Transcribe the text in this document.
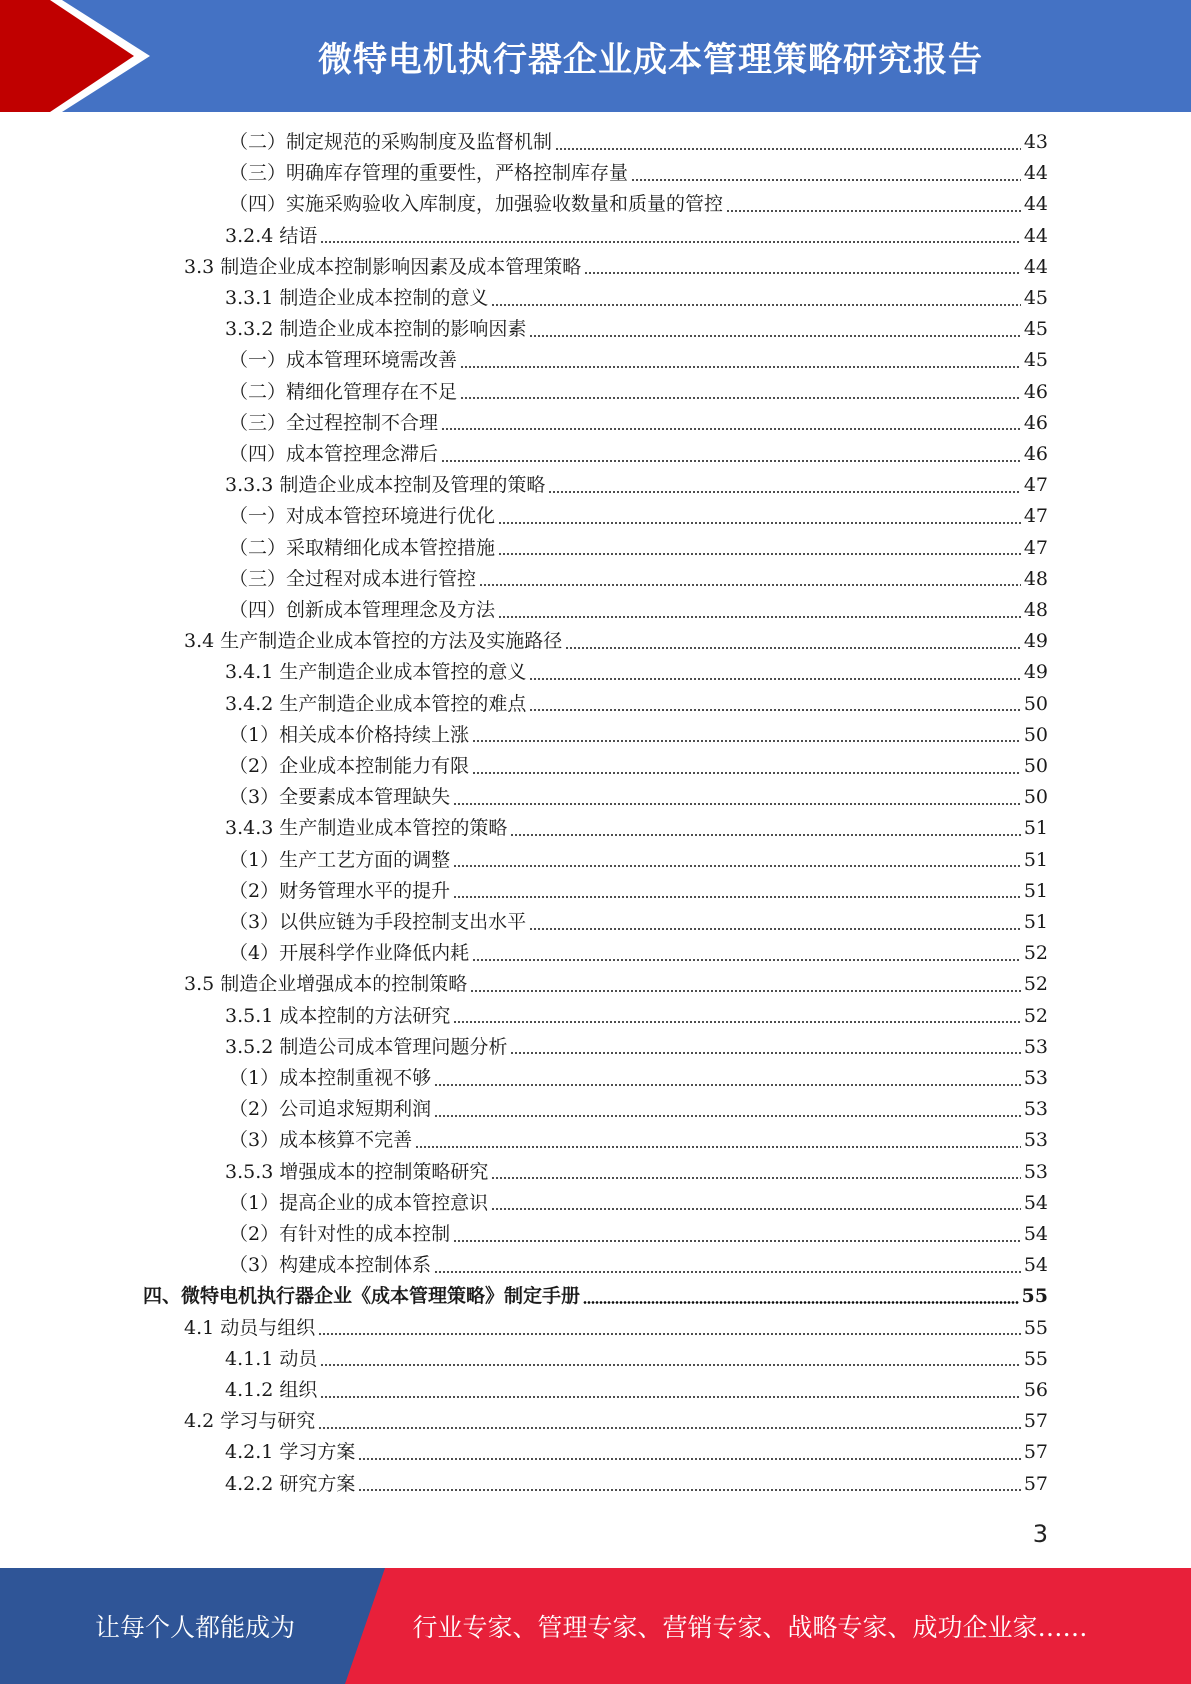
微特电机执行器企业成本管理策略研究报告
（二）制定规范的采购制度及监督机制	43
（三）明确库存管理的重要性，严格控制库存量	44
（四）实施采购验收入库制度，加强验收数量和质量的管控	44
3.2.4 结语	44
3.3 制造企业成本控制影响因素及成本管理策略	44
3.3.1 制造企业成本控制的意义	45
3.3.2 制造企业成本控制的影响因素	45
（一）成本管理环境需改善	45
（二）精细化管理存在不足	46
（三）全过程控制不合理	46
（四）成本管控理念滞后	46
3.3.3 制造企业成本控制及管理的策略	47
（一）对成本管控环境进行优化	47
（二）采取精细化成本管控措施	47
（三）全过程对成本进行管控	48
（四）创新成本管理理念及方法	48
3.4 生产制造企业成本管控的方法及实施路径	49
3.4.1 生产制造企业成本管控的意义	49
3.4.2 生产制造企业成本管控的难点	50
（1）相关成本价格持续上涨	50
（2）企业成本控制能力有限	50
（3）全要素成本管理缺失	50
3.4.3 生产制造业成本管控的策略	51
（1）生产工艺方面的调整	51
（2）财务管理水平的提升	51
（3）以供应链为手段控制支出水平	51
（4）开展科学作业降低内耗	52
3.5 制造企业增强成本的控制策略	52
3.5.1 成本控制的方法研究	52
3.5.2 制造公司成本管理问题分析	53
（1）成本控制重视不够	53
（2）公司追求短期利润	53
（3）成本核算不完善	53
3.5.3 增强成本的控制策略研究	53
（1）提高企业的成本管控意识	54
（2）有针对性的成本控制	54
（3）构建成本控制体系	54
四、微特电机执行器企业《成本管理策略》制定手册	55
4.1 动员与组织	55
4.1.1 动员	55
4.1.2 组织	56
4.2 学习与研究	57
4.2.1 学习方案	57
4.2.2 研究方案	57
3
让每个人都能成为	行业专家、管理专家、营销专家、战略专家、成功企业家……
